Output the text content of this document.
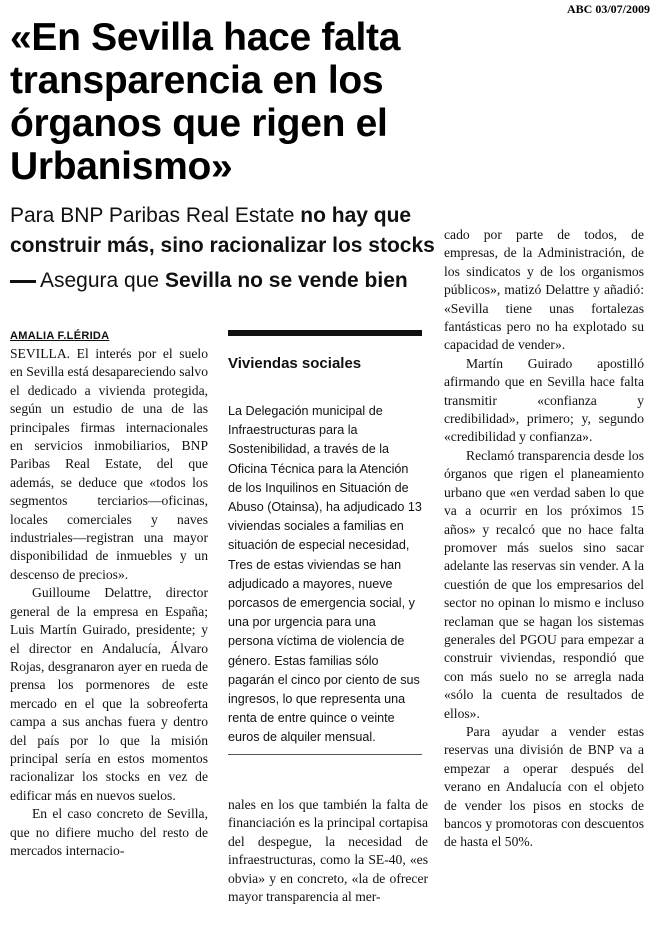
ABC 03/07/2009
«En Sevilla hace falta transparencia en los órganos que rigen el Urbanismo»
Para BNP Paribas Real Estate no hay que construir más, sino racionalizar los stocks
Asegura que Sevilla no se vende bien
AMALIA F.LÉRIDA

SEVILLA. El interés por el suelo en Sevilla está desapareciendo salvo el dedicado a vivienda protegida, según un estudio de una de las principales firmas internacionales en servicios inmobiliarios, BNP Paribas Real Estate, del que además, se deduce que «todos los segmentos terciarios—oficinas, locales comerciales y naves industriales—registran una mayor disponibilidad de inmuebles y un descenso de precios».

Guilloume Delattre, director general de la empresa en España; Luis Martín Guirado, presidente; y el director en Andalucía, Álvaro Rojas, desgranaron ayer en rueda de prensa los pormenores de este mercado en el que la sobreoferta campa a sus anchas fuera y dentro del país por lo que la misión principal sería en estos momentos racionalizar los stocks en vez de edificar más en nuevos suelos.

En el caso concreto de Sevilla, que no difiere mucho del resto de mercados internacio-

Viviendas sociales
La Delegación municipal de Infraestructuras para la Sostenibilidad, a través de la Oficina Técnica para la Atención de los Inquilinos en Situación de Abuso (Otainsa), ha adjudicado 13 viviendas sociales a familias en situación de especial necesidad, Tres de estas viviendas se han adjudicado a mayores, nueve porcasos de emergencia social, y una por urgencia para una persona víctima de violencia de género. Estas familias sólo pagarán el cinco por ciento de sus ingresos, lo que representa una renta de entre quince o veinte euros de alquiler mensual.

nales en los que también la falta de financiación es la principal cortapisa del despegue, la necesidad de infraestructuras, como la SE-40, «es obvia» y en concreto, «la de ofrecer mayor transparencia al mer-

cado por parte de todos, de empresas, de la Administración, de los sindicatos y de los organismos públicos», matizó Delattre y añadió: «Sevilla tiene unas fortalezas fantásticas pero no ha explotado su capacidad de vender».

Martín Guirado apostilló afirmando que en Sevilla hace falta transmitir «confianza y credibilidad», primero; y, segundo «credibilidad y confianza».

Reclamó transparencia desde los órganos que rigen el planeamiento urbano que «en verdad saben lo que va a ocurrir en los próximos 15 años» y recalcó que no hace falta promover más suelos sino sacar adelante las reservas sin vender. A la cuestión de que los empresarios del sector no opinan lo mismo e incluso reclaman que se hagan los sistemas generales del PGOU para empezar a construir viviendas, respondió que con más suelo no se arregla nada «sólo la cuenta de resultados de ellos».

Para ayudar a vender estas reservas una división de BNP va a empezar a operar después del verano en Andalucía con el objeto de vender los pisos en stocks de bancos y promotoras con descuentos de hasta el 50%.
